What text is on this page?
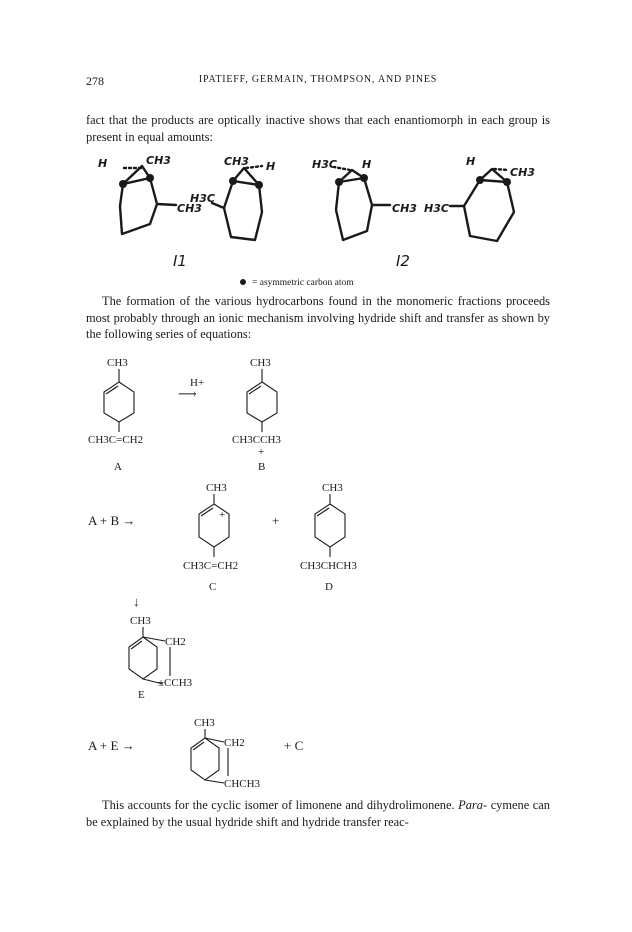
278	IPATIEFF, GERMAIN, THOMPSON, AND PINES
fact that the products are optically inactive shows that each enantiomorph in each group is present in equal amounts:
The formation of the various hydrocarbons found in the monomeric fractions proceeds most probably through an ionic mechanism involving hydride shift and transfer as shown by the following series of equations:
This accounts for the cyclic isomer of limonene and dihydrolimonene. Para- cymene can be explained by the usual hydride shift and hydride transfer reac-
H	CH3
CH3
CH3 H
H3C
H3C H
CH3
H
CH3
H3C
I1	I2
= asymmetric carbon atom
CH3
CH3C=CH2
A
H+
⟶
CH3
CH3CCH3
+
B
A + B →
CH3
+
CH3C=CH2
C
+
CH3
CH3CHCH3
D
↓
CH3
CH2
±CCH3
E
A + E →
CH3
CH2
CHCH3
+ C
